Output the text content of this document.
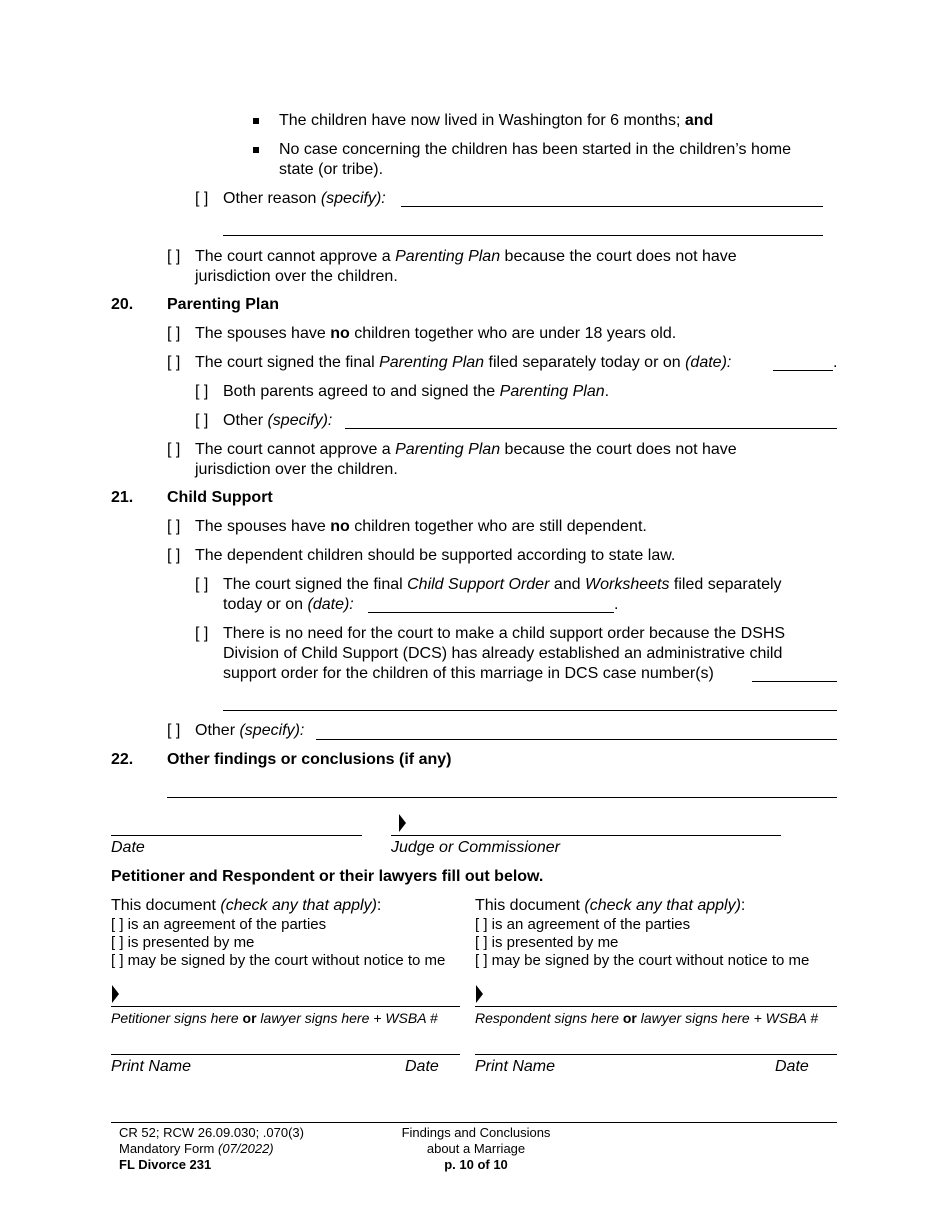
The children have now lived in Washington for 6 months; and
No case concerning the children has been started in the children’s home
state (or tribe).
[ ] Other reason (specify):
[ ] The court cannot approve a Parenting Plan because the court does not have
jurisdiction over the children.
20. Parenting Plan
[ ] The spouses have no children together who are under 18 years old.
[ ] The court signed the final Parenting Plan filed separately today or on (date):	.
[ ] Both parents agreed to and signed the Parenting Plan.
[ ] Other (specify):
[ ] The court cannot approve a Parenting Plan because the court does not have
jurisdiction over the children.
21. Child Support
[ ] The spouses have no children together who are still dependent.
[ ] The dependent children should be supported according to state law.
[ ] The court signed the final Child Support Order and Worksheets filed separately
today or on (date):	.
[ ] There is no need for the court to make a child support order because the DSHS
Division of Child Support (DCS) has already established an administrative child
support order for the children of this marriage in DCS case number(s)
[ ] Other (specify):
22. Other findings or conclusions (if any)
Date	Judge or Commissioner
Petitioner and Respondent or their lawyers fill out below.
This document (check any that apply):
[ ] is an agreement of the parties
[ ] is presented by me
[ ] may be signed by the court without notice to me
Petitioner signs here or lawyer signs here + WSBA #
Print Name	Date
This document (check any that apply):
[ ] is an agreement of the parties
[ ] is presented by me
[ ] may be signed by the court without notice to me
Respondent signs here or lawyer signs here + WSBA #
Print Name	Date
CR 52; RCW 26.09.030; .070(3)
Mandatory Form (07/2022)
FL Divorce 231
Findings and Conclusions
about a Marriage
p. 10 of 10
